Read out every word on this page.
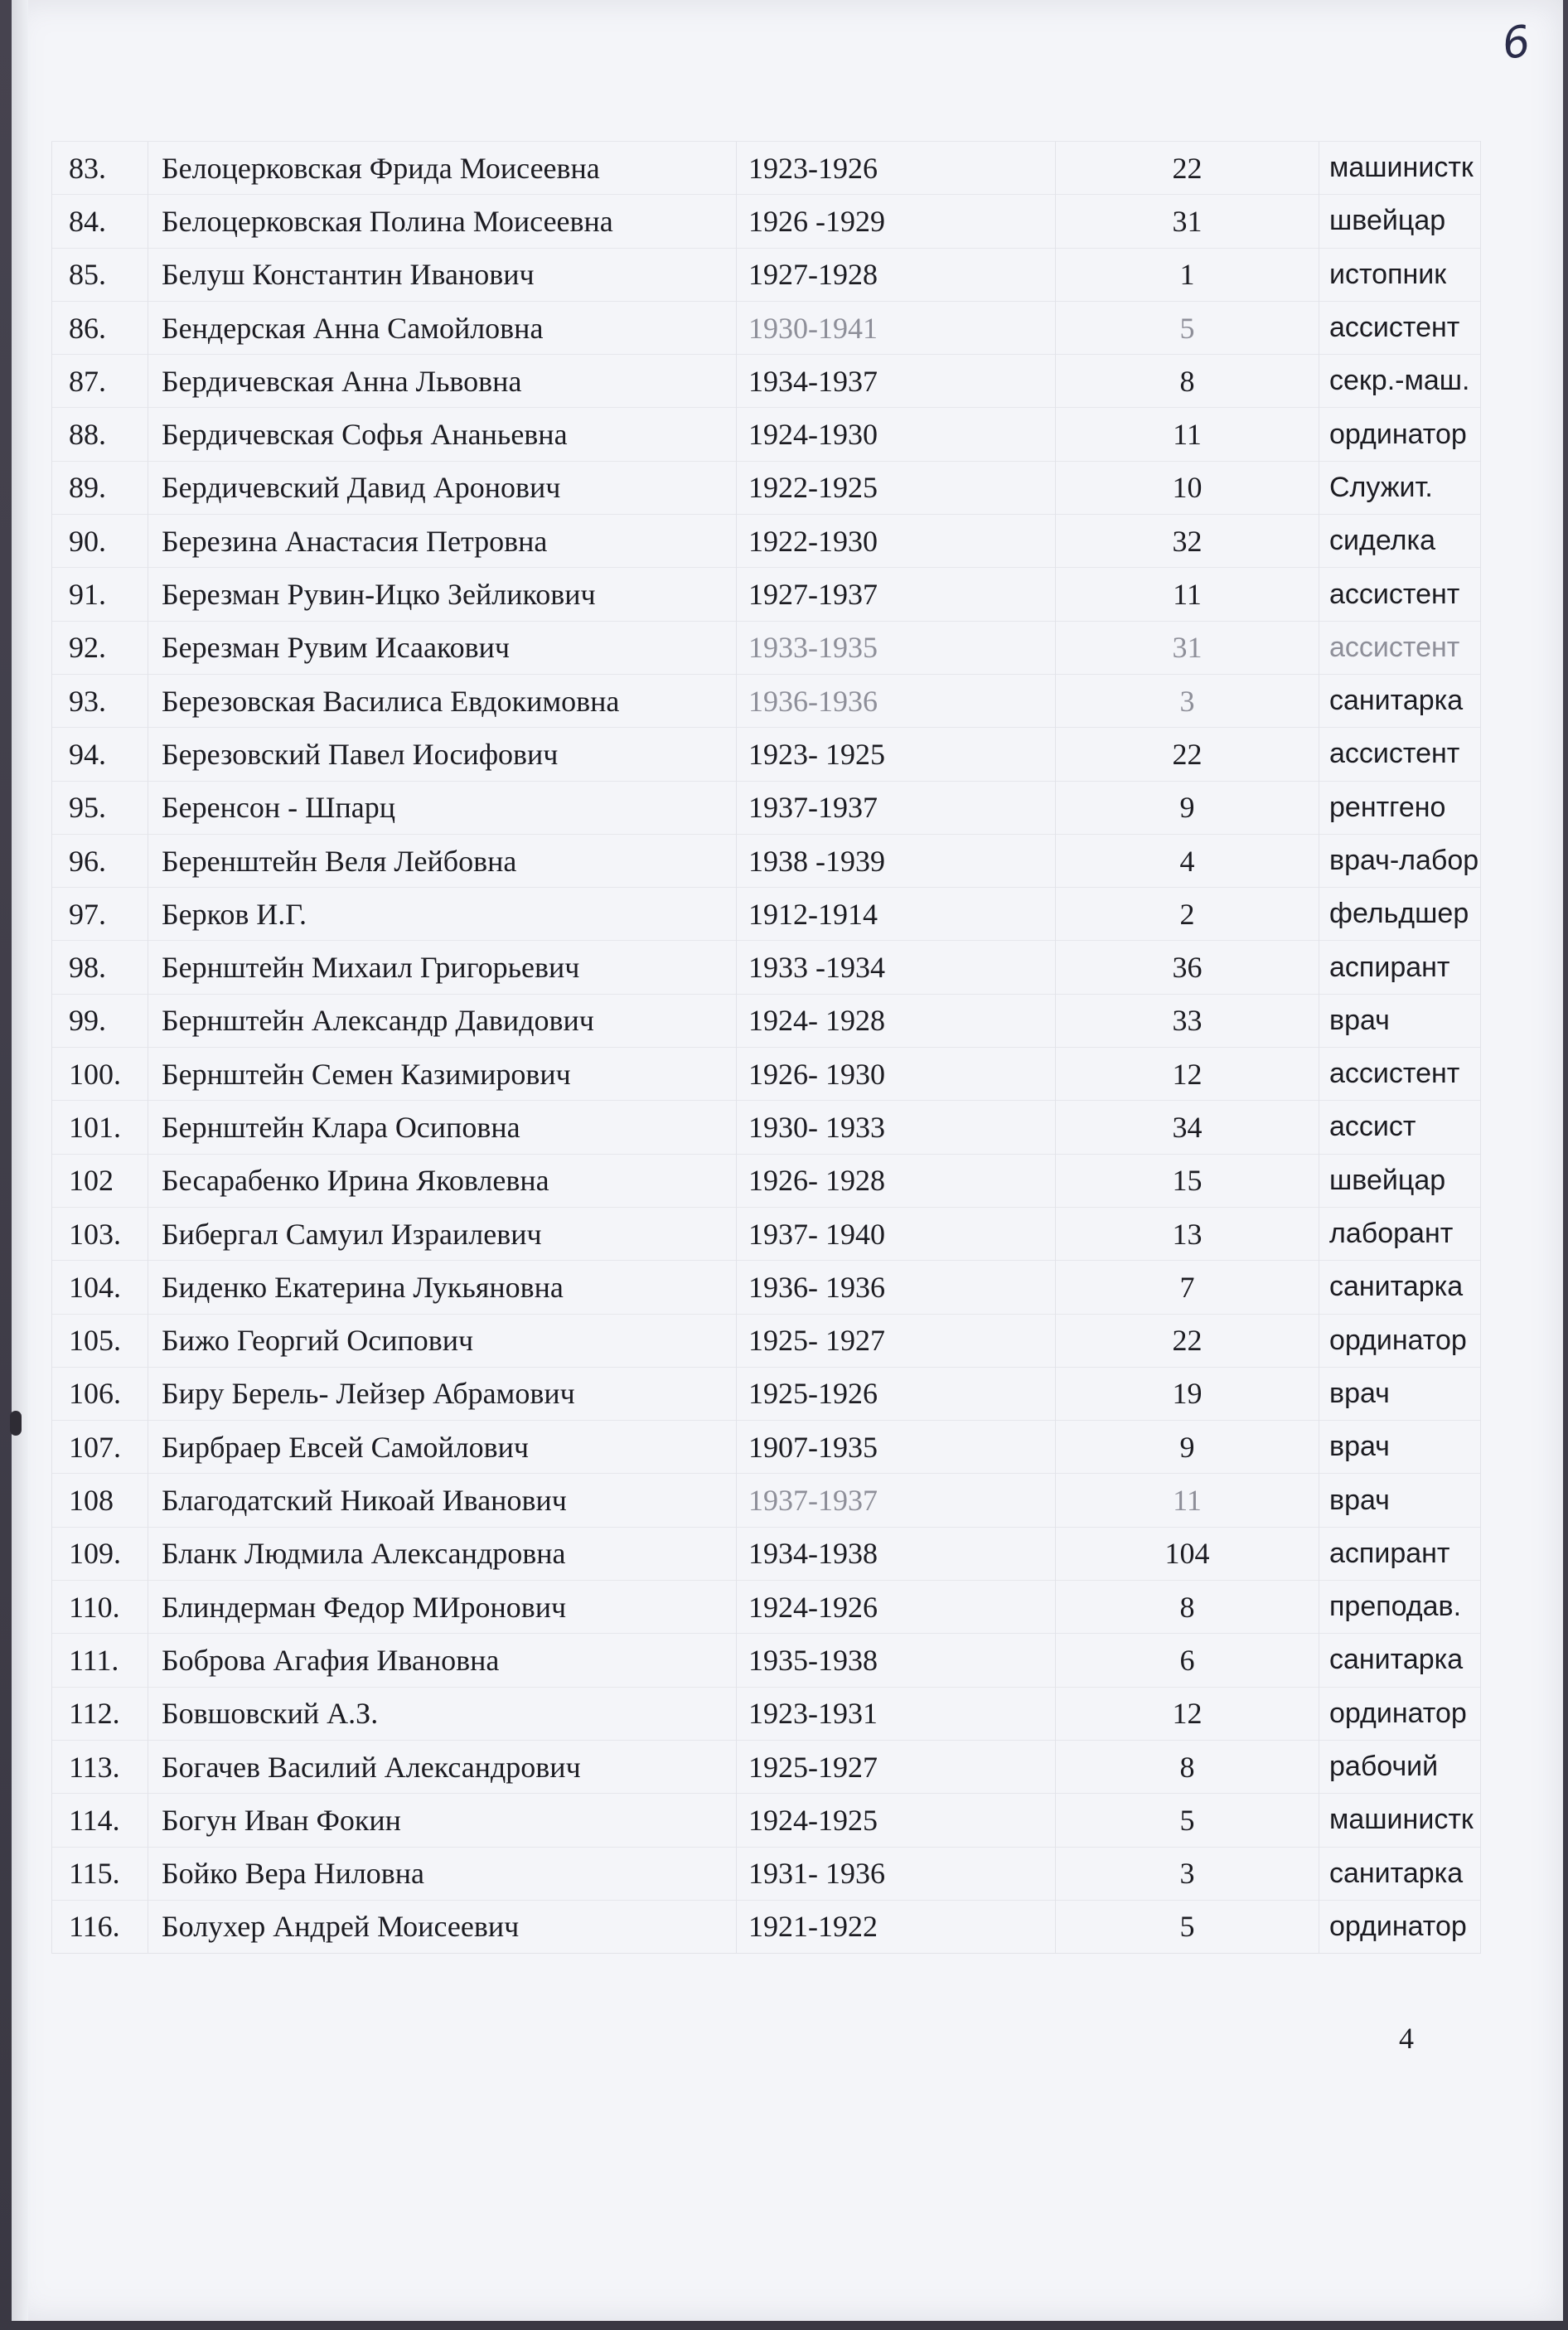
6
83.	Белоцерковская Фрида Моисеевна	1923-1926	22	машинистк
84.	Белоцерковская Полина Моисеевна	1926 -1929	31	швейцар
85.	Белуш Константин Иванович	1927-1928	1	истопник
86.	Бендерская Анна Самойловна	1930-1941	5	ассистент
87.	Бердичевская Анна Львовна	1934-1937	8	секр.-маш.
88.	Бердичевская Софья Ананьевна	1924-1930	11	ординатор
89.	Бердичевский Давид Аронович	1922-1925	10	Служит.
90.	Березина Анастасия Петровна	1922-1930	32	сиделка
91.	Березман Рувин-Ицко Зейликович	1927-1937	11	ассистент
92.	Березман Рувим Исаакович	1933-1935	31	ассистент
93.	Березовская Василиса Евдокимовна	1936-1936	3	санитарка
94.	Березовский Павел Иосифович	1923- 1925	22	ассистент
95.	Беренсон - Шпарц	1937-1937	9	рентгено
96.	Беренштейн Веля Лейбовна	1938 -1939	4	врач-лабор
97.	Берков И.Г.	1912-1914	2	фельдшер
98.	Бернштейн Михаил Григорьевич	1933 -1934	36	аспирант
99.	Бернштейн Александр Давидович	1924- 1928	33	врач
100.	Бернштейн Семен Казимирович	1926- 1930	12	ассистент
101.	Бернштейн Клара Осиповна	1930- 1933	34	ассист
102	Бесарабенко Ирина Яковлевна	1926- 1928	15	швейцар
103.	Бибергал Самуил Израилевич	1937- 1940	13	лаборант
104.	Биденко Екатерина Лукьяновна	1936- 1936	7	санитарка
105.	Бижо Георгий Осипович	1925- 1927	22	ординатор
106.	Биру Берель- Лейзер Абрамович	1925-1926	19	врач
107.	Бирбраер Евсей Самойлович	1907-1935	9	врач
108	Благодатский Никоай Иванович	1937-1937	11	врач
109.	Бланк Людмила Александровна	1934-1938	104	аспирант
110.	Блиндерман Федор МИронович	1924-1926	8	преподав.
111.	Боброва Агафия Ивановна	1935-1938	6	санитарка
112.	Бовшовский А.З.	1923-1931	12	ординатор
113.	Богачев Василий Александрович	1925-1927	8	рабочий
114.	Богун Иван Фокин	1924-1925	5	машинистк
115.	Бойко Вера Ниловна	1931- 1936	3	санитарка
116.	Болухер Андрей Моисеевич	1921-1922	5	ординатор
4
